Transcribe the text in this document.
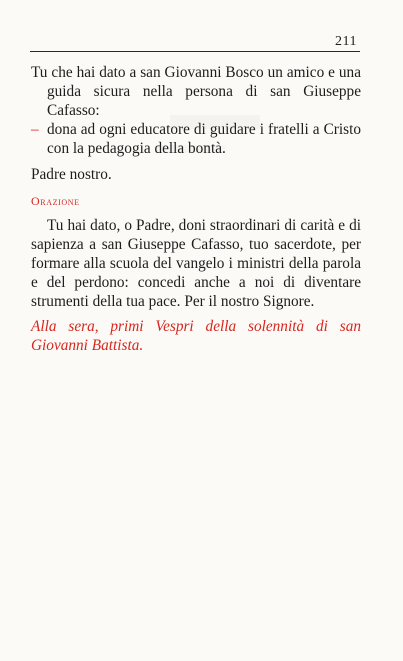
211

Tu che hai dato a san Giovanni Bosco un amico e una guida sicura nella persona di san Giuseppe Cafasso:

– dona ad ogni educatore di guidare i fratelli a Cristo con la pedagogia della bontà.

Padre nostro.

Orazione

Tu hai dato, o Padre, doni straordinari di carità e di sapienza a san Giuseppe Cafasso, tuo sacerdote, per formare alla scuola del vangelo i ministri della parola e del perdono: concedi anche a noi di diventare strumenti della tua pace. Per il nostro Signore.

Alla sera, primi Vespri della solennità di san Giovanni Battista.
